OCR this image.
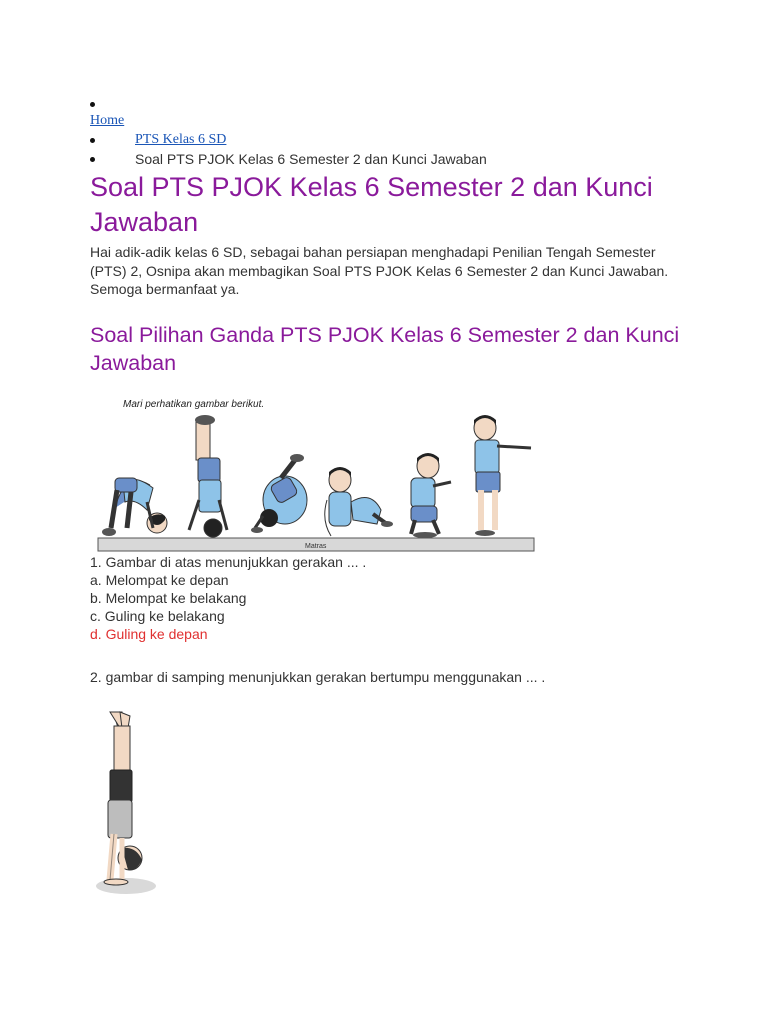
Home
PTS Kelas 6 SD
Soal PTS PJOK Kelas 6 Semester 2 dan Kunci Jawaban
Soal PTS PJOK Kelas 6 Semester 2 dan Kunci Jawaban

Hai adik-adik kelas 6 SD, sebagai bahan persiapan menghadapi Penilian Tengah Semester (PTS) 2, Osnipa akan membagikan Soal PTS PJOK Kelas 6 Semester 2 dan Kunci Jawaban. Semoga bermanfaat ya.

Soal Pilihan Ganda PTS PJOK Kelas 6 Semester 2 dan Kunci Jawaban
Mari perhatikan gambar berikut.
Matras
1. Gambar di atas menunjukkan gerakan ... .
a. Melompat ke depan
b. Melompat ke belakang
c. Guling ke belakang
d. Guling ke depan
2. gambar di samping menunjukkan gerakan bertumpu menggunakan ... .
